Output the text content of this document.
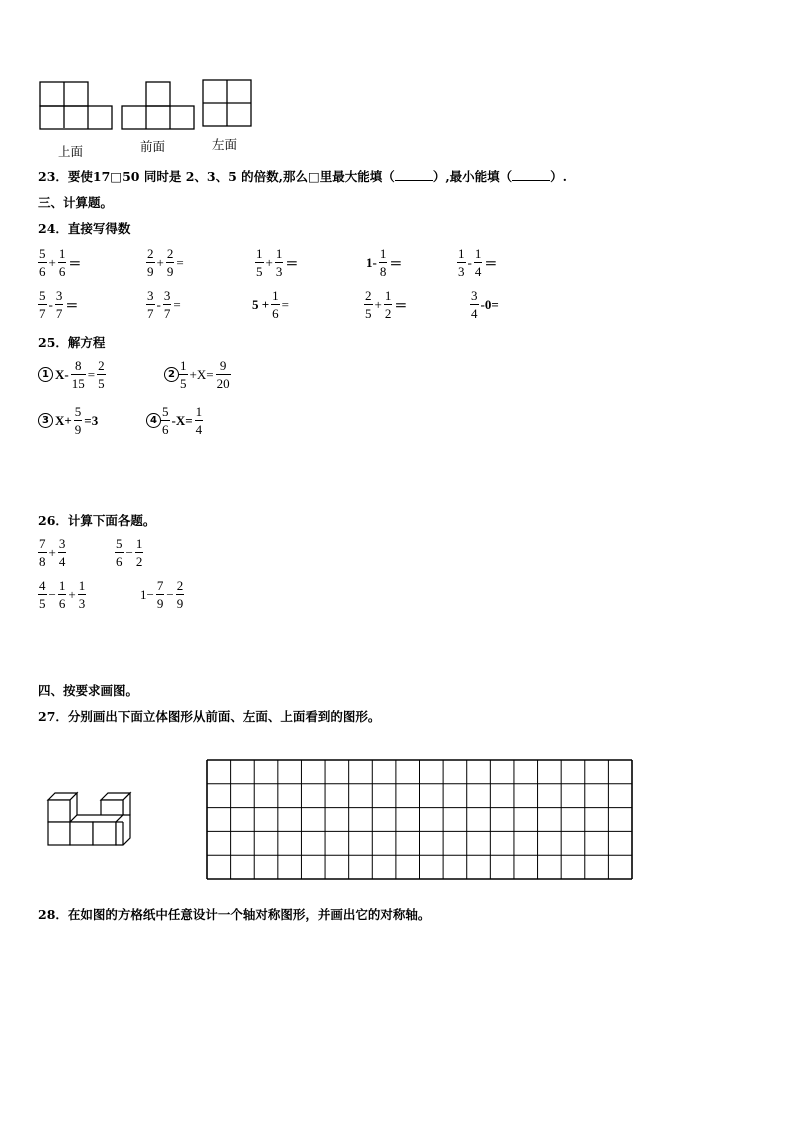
上面	前面	左面
23．要使17□50 同时是 2、3、5 的倍数,那么□里最大能填（	）,最小能填（	）.
三、计算题。
24．直接写得数
$\frac{5}{6} + \frac{1}{6}$ ＝	$\frac{2}{9} + \frac{2}{9}$ =	$\frac{1}{5} + \frac{1}{3}$ ＝	$1- \frac{1}{8}$ ＝	$\frac{1}{3} - \frac{1}{4}$ ＝
$\frac{5}{7} - \frac{3}{7}$ ＝	$\frac{3}{7} - \frac{3}{7}$ =	$5 + \frac{1}{6}$ =	$\frac{2}{5} + \frac{1}{2}$ ＝	$\frac{3}{4} -0=$
25．解方程
1 $X- \frac{8}{15} = \frac{2}{5}$	$2 \frac{1}{5} +X= \frac{9}{20}$
3 $X+ \frac{5}{9} =3$	$4 \frac{5}{6} -X= \frac{1}{4}$
26．计算下面各题。
$\frac{7}{8} + \frac{3}{4}$	$\frac{5}{6} - \frac{1}{2}$
$\frac{4}{5} - \frac{1}{6} + \frac{1}{3}$	$1- \frac{7}{9} - \frac{2}{9}$
四、按要求画图。
27．分别画出下面立体图形从前面、左面、上面看到的图形。
28．在如图的方格纸中任意设计一个轴对称图形，并画出它的对称轴。
